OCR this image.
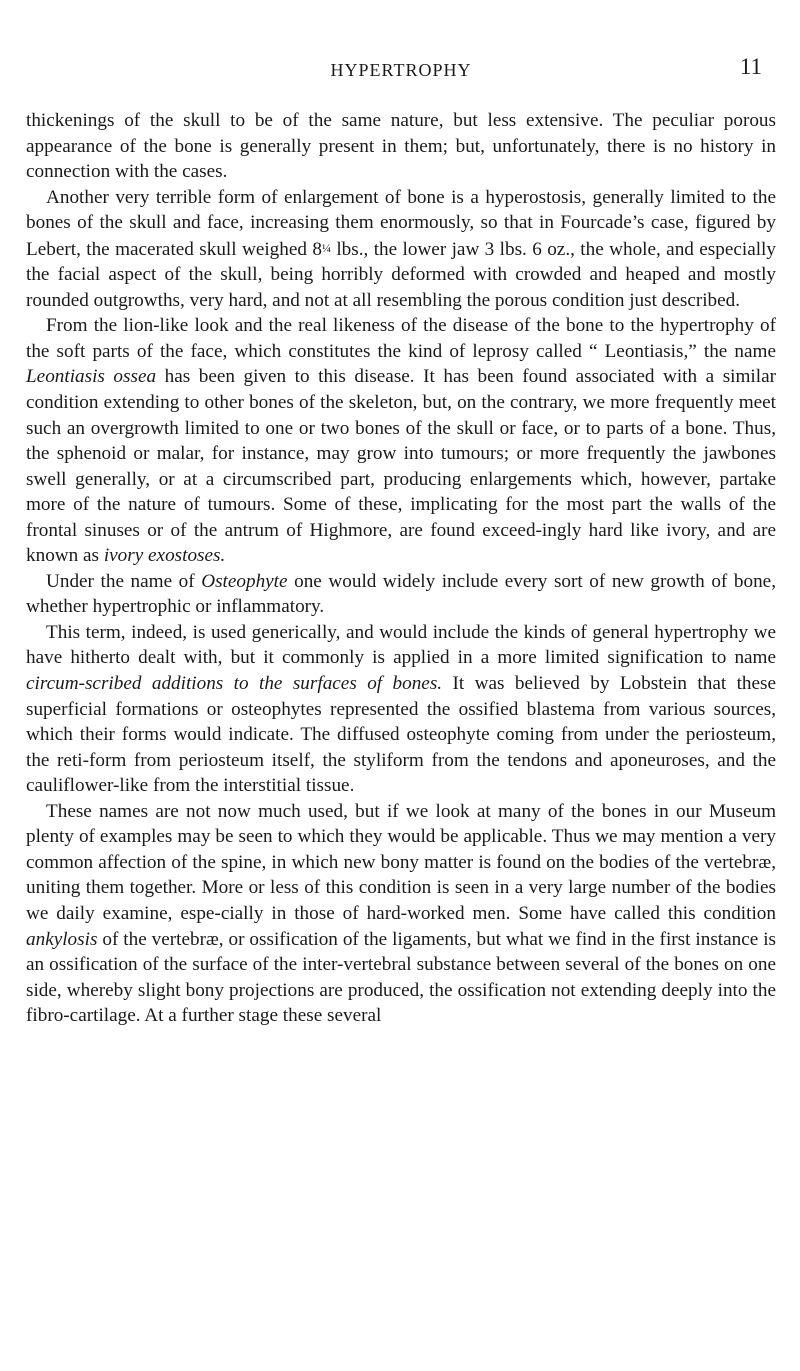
HYPERTROPHY	11

thickenings of the skull to be of the same nature, but less extensive. The peculiar porous appearance of the bone is generally present in them; but, unfortunately, there is no history in connection with the cases.

Another very terrible form of enlargement of bone is a hyperostosis, generally limited to the bones of the skull and face, increasing them enormously, so that in Fourcade’s case, figured by Lebert, the macerated skull weighed 8¼ lbs., the lower jaw 3 lbs. 6 oz., the whole, and especially the facial aspect of the skull, being horribly deformed with crowded and heaped and mostly rounded outgrowths, very hard, and not at all resembling the porous condition just described.

From the lion-like look and the real likeness of the disease of the bone to the hypertrophy of the soft parts of the face, which constitutes the kind of leprosy called “ Leontiasis,” the name Leontiasis ossea has been given to this disease. It has been found associated with a similar condition extending to other bones of the skeleton, but, on the contrary, we more frequently meet such an overgrowth limited to one or two bones of the skull or face, or to parts of a bone. Thus, the sphenoid or malar, for instance, may grow into tumours; or more frequently the jawbones swell generally, or at a circumscribed part, producing enlargements which, however, partake more of the nature of tumours. Some of these, implicating for the most part the walls of the frontal sinuses or of the antrum of Highmore, are found exceed-ingly hard like ivory, and are known as ivory exostoses.

Under the name of Osteophyte one would widely include every sort of new growth of bone, whether hypertrophic or inflammatory.

This term, indeed, is used generically, and would include the kinds of general hypertrophy we have hitherto dealt with, but it commonly is applied in a more limited signification to name circum-scribed additions to the surfaces of bones. It was believed by Lobstein that these superficial formations or osteophytes represented the ossified blastema from various sources, which their forms would indicate. The diffused osteophyte coming from under the periosteum, the reti-form from periosteum itself, the styliform from the tendons and aponeuroses, and the cauliflower-like from the interstitial tissue.

These names are not now much used, but if we look at many of the bones in our Museum plenty of examples may be seen to which they would be applicable. Thus we may mention a very common affection of the spine, in which new bony matter is found on the bodies of the vertebræ, uniting them together. More or less of this condition is seen in a very large number of the bodies we daily examine, espe-cially in those of hard-worked men. Some have called this condition ankylosis of the vertebræ, or ossification of the ligaments, but what we find in the first instance is an ossification of the surface of the inter-vertebral substance between several of the bones on one side, whereby slight bony projections are produced, the ossification not extending deeply into the fibro-cartilage. At a further stage these several
